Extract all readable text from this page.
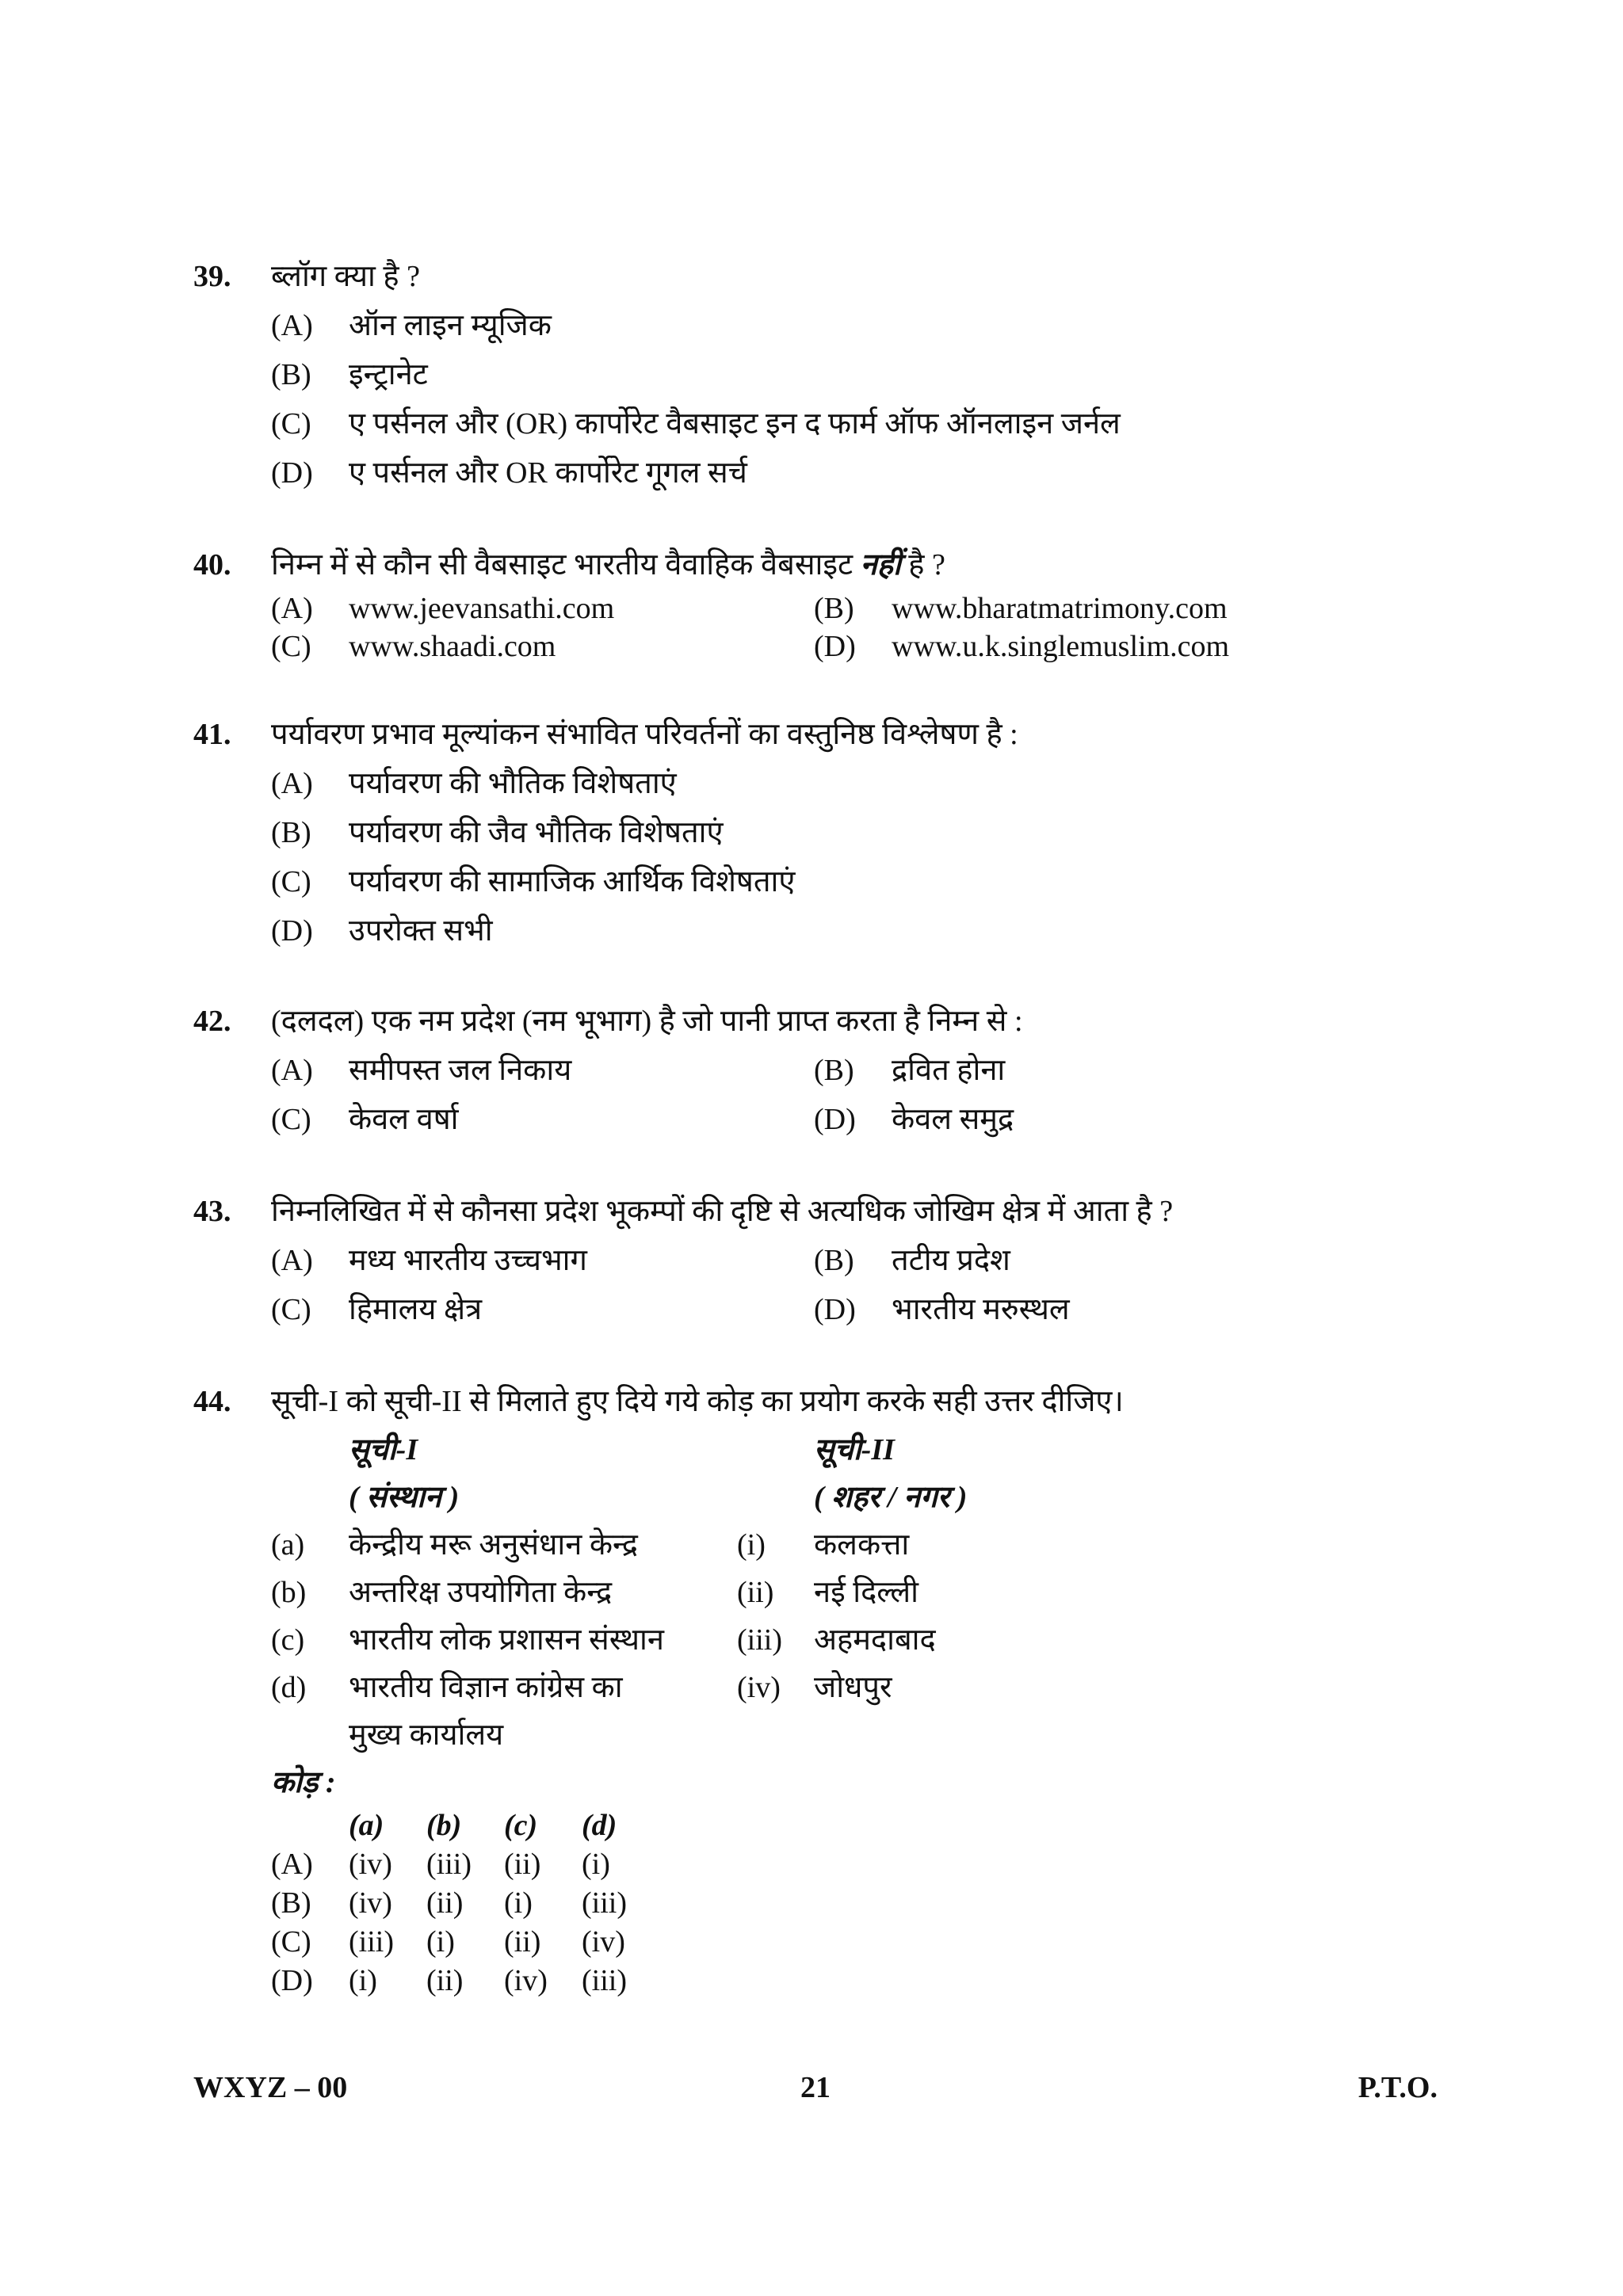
39. ब्लॉग क्या है ?
(A) ऑन लाइन म्यूजिक
(B) इन्ट्रानेट
(C) ए पर्सनल और (OR) कार्पोरेट वैबसाइट इन द फार्म ऑफ ऑनलाइन जर्नल
(D) ए पर्सनल और OR कार्पोरेट गूगल सर्च
40. निम्न में से कौन सी वैबसाइट भारतीय वैवाहिक वैबसाइट नहीं है ?
(A) www.jeevansathi.com	(B) www.bharatmatrimony.com
(C) www.shaadi.com	(D) www.u.k.singlemuslim.com
41. पर्यावरण प्रभाव मूल्यांकन संभावित परिवर्तनों का वस्तुनिष्ठ विश्लेषण है :
(A) पर्यावरण की भौतिक विशेषताएं
(B) पर्यावरण की जैव भौतिक विशेषताएं
(C) पर्यावरण की सामाजिक आर्थिक विशेषताएं
(D) उपरोक्त सभी
42. (दलदल) एक नम प्रदेश (नम भूभाग) है जो पानी प्राप्त करता है निम्न से :
(A) समीपस्त जल निकाय	(B) द्रवित होना
(C) केवल वर्षा	(D) केवल समुद्र
43. निम्नलिखित में से कौनसा प्रदेश भूकम्पों की दृष्टि से अत्यधिक जोखिम क्षेत्र में आता है ?
(A) मध्य भारतीय उच्चभाग	(B) तटीय प्रदेश
(C) हिमालय क्षेत्र	(D) भारतीय मरुस्थल
44. सूची-I को सूची-II से मिलाते हुए दिये गये कोड़ का प्रयोग करके सही उत्तर दीजिए।
सूची-I	सूची-II
( संस्थान )	( शहर / नगर )
(a) केन्द्रीय मरू अनुसंधान केन्द्र	(i) कलकत्ता
(b) अन्तरिक्ष उपयोगिता केन्द्र	(ii) नई दिल्ली
(c) भारतीय लोक प्रशासन संस्थान (iii) अहमदाबाद
(d) भारतीय विज्ञान कांग्रेस का	(iv) जोधपुर
मुख्य कार्यालय
कोड़ :
(a) (b) (c) (d)
(A) (iv) (iii) (ii) (i)
(B) (iv) (ii) (i) (iii)
(C) (iii) (i) (ii) (iv)
(D) (i) (ii) (iv) (iii)
WXYZ – 00	21	P.T.O.
